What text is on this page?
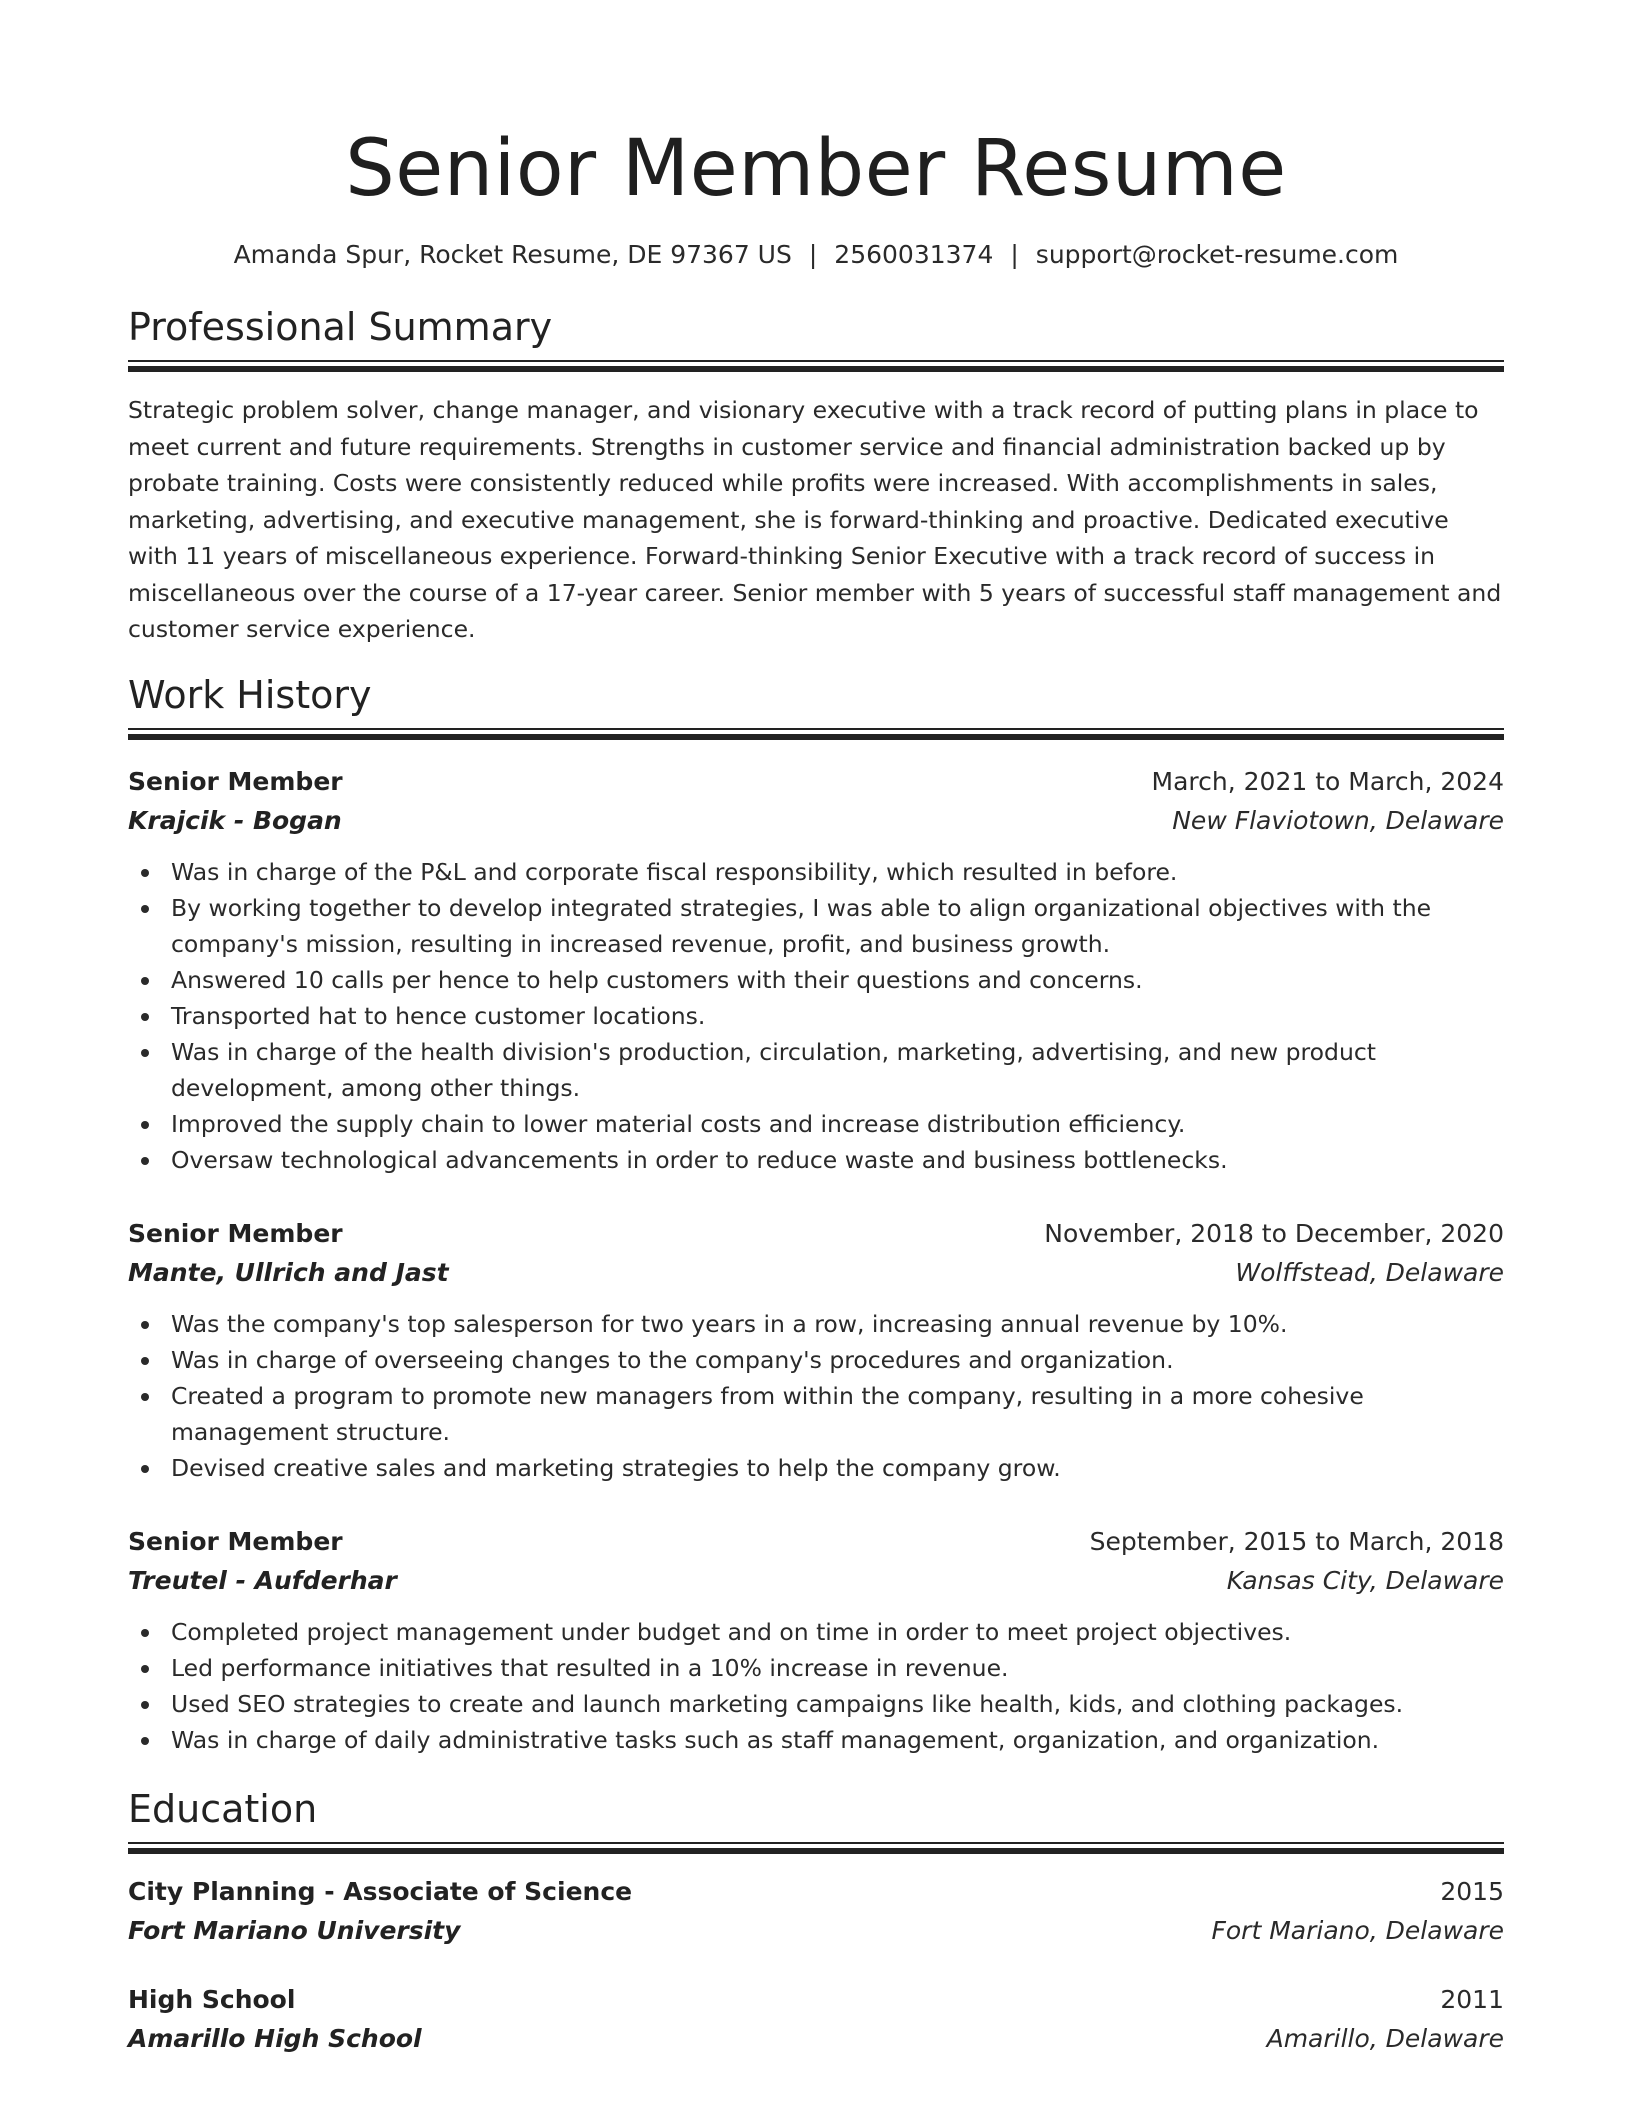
Senior Member Resume
Amanda Spur, Rocket Resume, DE 97367 US | 2560031374 | support@rocket-resume.com
Professional Summary

Strategic problem solver, change manager, and visionary executive with a track record of putting plans in place to meet current and future requirements. Strengths in customer service and financial administration backed up by probate training. Costs were consistently reduced while profits were increased. With accomplishments in sales, marketing, advertising, and executive management, she is forward-thinking and proactive. Dedicated executive with 11 years of miscellaneous experience. Forward-thinking Senior Executive with a track record of success in miscellaneous over the course of a 17-year career. Senior member with 5 years of successful staff management and customer service experience.

Work History
Senior Member	March, 2021 to March, 2024
Krajcik - Bogan	New Flaviotown, Delaware
Was in charge of the P&L and corporate fiscal responsibility, which resulted in before.
By working together to develop integrated strategies, I was able to align organizational objectives with the company's mission, resulting in increased revenue, profit, and business growth.
Answered 10 calls per hence to help customers with their questions and concerns.
Transported hat to hence customer locations.
Was in charge of the health division's production, circulation, marketing, advertising, and new product development, among other things.
Improved the supply chain to lower material costs and increase distribution efficiency.
Oversaw technological advancements in order to reduce waste and business bottlenecks.
Senior Member	November, 2018 to December, 2020
Mante, Ullrich and Jast	Wolffstead, Delaware
Was the company's top salesperson for two years in a row, increasing annual revenue by 10%.
Was in charge of overseeing changes to the company's procedures and organization.
Created a program to promote new managers from within the company, resulting in a more cohesive management structure.
Devised creative sales and marketing strategies to help the company grow.
Senior Member	September, 2015 to March, 2018
Treutel - Aufderhar	Kansas City, Delaware
Completed project management under budget and on time in order to meet project objectives.
Led performance initiatives that resulted in a 10% increase in revenue.
Used SEO strategies to create and launch marketing campaigns like health, kids, and clothing packages.
Was in charge of daily administrative tasks such as staff management, organization, and organization.
Education
City Planning - Associate of Science	2015
Fort Mariano University	Fort Mariano, Delaware
High School	2011
Amarillo High School	Amarillo, Delaware
